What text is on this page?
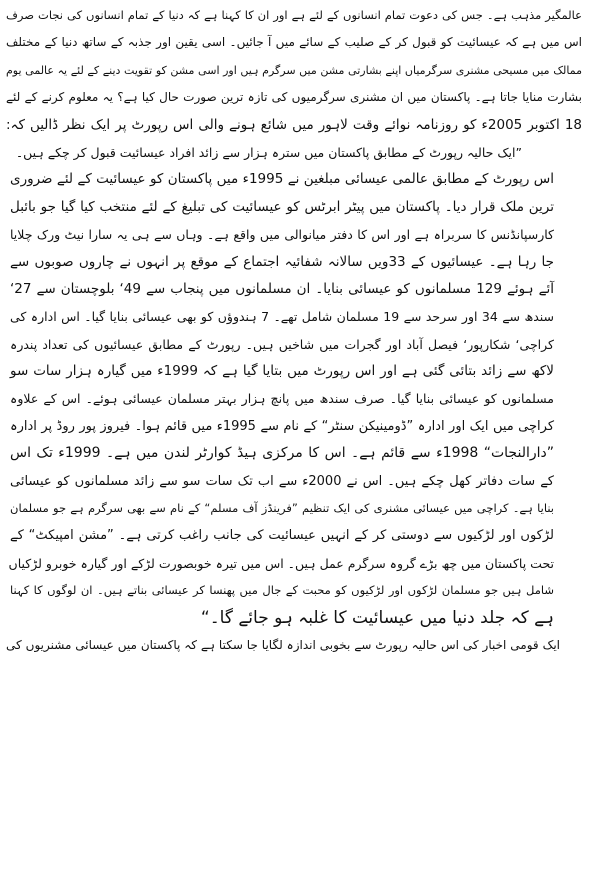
عالمگیر مذہب ہے۔ جس کی دعوت تمام انسانوں کے لئے ہے اور ان کا کہنا ہے کہ دنیا کے تمام انسانوں کی نجات صرف
اس میں ہے کہ عیسائیت کو قبول کر کے صلیب کے سائے میں آ جائیں۔ اسی یقین اور جذبہ کے ساتھ دنیا کے مختلف
ممالک میں مسیحی مشنری سرگرمیاں اپنے بشارتی مشن میں سرگرم ہیں اور اسی مشن کو تقویت دینے کے لئے یہ عالمی یوم
بشارت منایا جاتا ہے۔ پاکستان میں ان مشنری سرگرمیوں کی تازہ ترین صورت حال کیا ہے؟ یہ معلوم کرنے کے لئے
18 اکتوبر 2005ء کو روزنامہ نوائے وقت لاہور میں شائع ہونے والی اس رپورٹ پر ایک نظر ڈالیں کہ:
”ایک حالیہ رپورٹ کے مطابق پاکستان میں سترہ ہزار سے زائد افراد عیسائیت قبول کر چکے ہیں۔
اس رپورٹ کے مطابق عالمی عیسائی مبلغین نے 1995ء میں پاکستان کو عیسائیت کے لئے ضروری
ترین ملک قرار دیا۔ پاکستان میں پیٹر ابرٹس کو عیسائیت کی تبلیغ کے لئے منتخب کیا گیا جو بائبل
کارسپانڈنس کا سربراہ ہے اور اس کا دفتر میانوالی میں واقع ہے۔ وہاں سے ہی یہ سارا نیٹ ورک چلایا
جا رہا ہے۔ عیسائیوں کے 33ویں سالانہ شفائیہ اجتماع کے موقع پر انہوں نے چاروں صوبوں سے
آئے ہوئے 129 مسلمانوں کو عیسائی بنایا۔ ان مسلمانوں میں پنجاب سے 49‘ بلوچستان سے 27‘
سندھ سے 34 اور سرحد سے 19 مسلمان شامل تھے۔ 7 ہندوؤں کو بھی عیسائی بنایا گیا۔ اس ادارہ کی
کراچی‘ شکارپور‘ فیصل آباد اور گجرات میں شاخیں ہیں۔ رپورٹ کے مطابق عیسائیوں کی تعداد پندرہ
لاکھ سے زائد بتائی گئی ہے اور اس رپورٹ میں بتایا گیا ہے کہ 1999ء میں گیارہ ہزار سات سو
مسلمانوں کو عیسائی بنایا گیا۔ صرف سندھ میں پانچ ہزار بہتر مسلمان عیسائی ہوئے۔ اس کے علاوہ
کراچی میں ایک اور ادارہ ”ڈومینیکن سنٹر“ کے نام سے 1995ء میں قائم ہوا۔ فیروز پور روڈ پر ادارہ
”دارالنجات“ 1998ء سے قائم ہے۔ اس کا مرکزی ہیڈ کوارٹر لندن میں ہے۔ 1999ء تک اس
کے سات دفاتر کھل چکے ہیں۔ اس نے 2000ء سے اب تک سات سو سے زائد مسلمانوں کو عیسائی
بنایا ہے۔ کراچی میں عیسائی مشنری کی ایک تنظیم ”فرینڈز آف مسلم“ کے نام سے بھی سرگرم ہے جو مسلمان
لڑکوں اور لڑکیوں سے دوستی کر کے انہیں عیسائیت کی جانب راغب کرتی ہے۔ ”مشن امپیکٹ“ کے
تحت پاکستان میں چھ بڑے گروہ سرگرم عمل ہیں۔ اس میں تیرہ خوبصورت لڑکے اور گیارہ خوبرو لڑکیاں
شامل ہیں جو مسلمان لڑکوں اور لڑکیوں کو محبت کے جال میں پھنسا کر عیسائی بناتے ہیں۔ ان لوگوں کا کہنا
ہے کہ جلد دنیا میں عیسائیت کا غلبہ ہو جائے گا۔“
ایک قومی اخبار کی اس حالیہ رپورٹ سے بخوبی اندازہ لگایا جا سکتا ہے کہ پاکستان میں عیسائی مشنریوں کی
